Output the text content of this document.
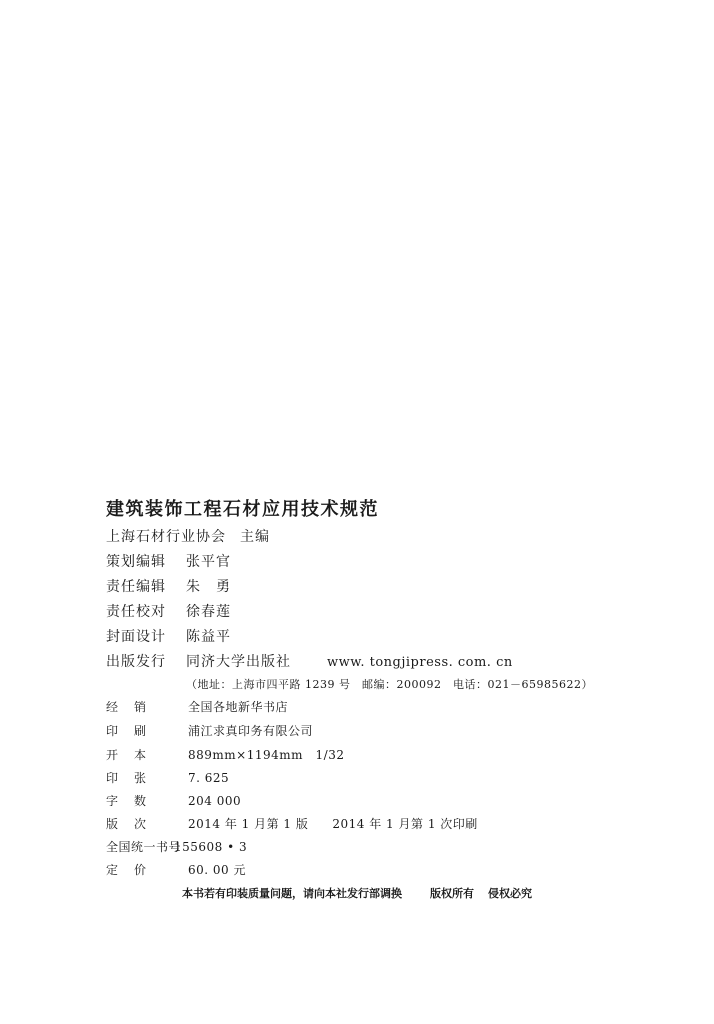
建筑装饰工程石材应用技术规范
上海石材行业协会 主编
策划编辑 张平官
责任编辑 朱　勇
责任校对 徐春莲
封面设计 陈益平
出版发行 同济大学出版社	www. tongjipress. com. cn
（地址：上海市四平路 1239 号　邮编：200092　电话：021－65985622）
经 销	全国各地新华书店
印 刷	浦江求真印务有限公司
开 本	889mm×1194mm　1/32
印 张	7. 625
字 数	204 000
版 次	2014 年 1 月第 1 版 2014 年 1 月第 1 次印刷
全国统一书号155608 • 3
定 价	60. 00 元
本书若有印装质量问题，请向本社发行部调换	版权所有 侵权必究
